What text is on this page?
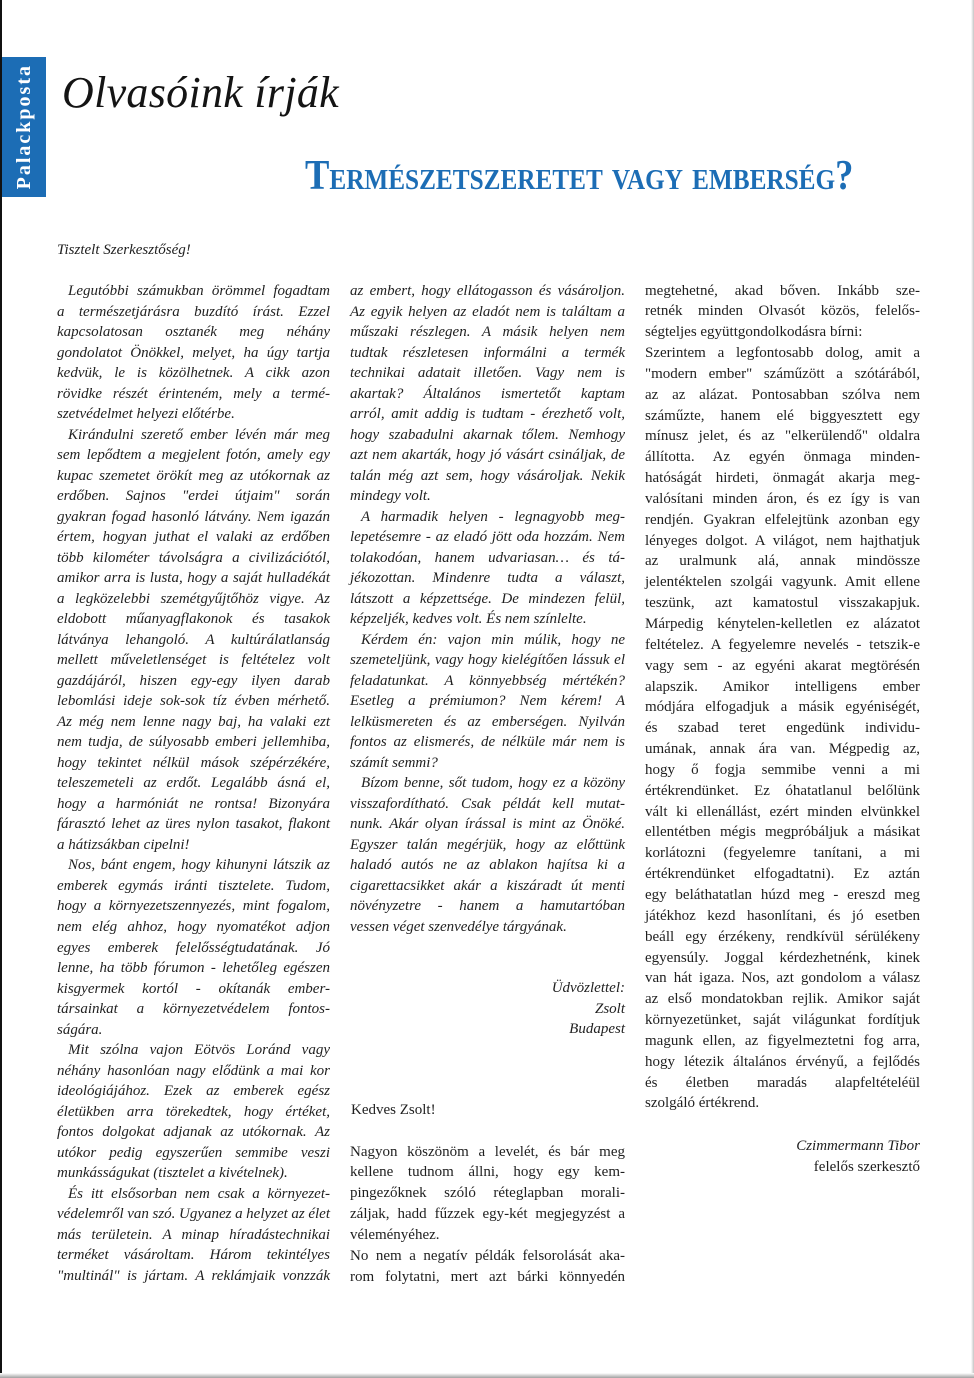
Palackposta Olvasóink írják
Természetszeretet vagy emberség?
Tisztelt Szerkesztőség!
Legutóbbi számukban örömmel fogadtam
a természetjárásra buzdító írást. Ezzel
kapcsolatosan osztanék meg néhány
gondolatot Önökkel, melyet, ha úgy tartja
kedvük, le is közölhetnek. A cikk azon
rövidke részét érinteném, mely a termé-
szetvédelmet helyezi előtérbe.
Kirándulni szerető ember lévén már meg
sem lepődtem a megjelent fotón, amely egy
kupac szemetet örökít meg az utókornak az
erdőben. Sajnos "erdei útjaim" során
gyakran fogad hasonló látvány. Nem igazán
értem, hogyan juthat el valaki az erdőben
több kilométer távolságra a civilizációtól,
amikor arra is lusta, hogy a saját hulladékát
a legközelebbi szemétgyűjtőhöz vigye. Az
eldobott műanyagflakonok és tasakok
látványa lehangoló. A kultúrálatlanság
mellett műveletlenséget is feltételez volt
gazdájáról, hiszen egy-egy ilyen darab
lebomlási ideje sok-sok tíz évben mérhető.
Az még nem lenne nagy baj, ha valaki ezt
nem tudja, de súlyosabb emberi jellemhiba,
hogy tekintet nélkül mások szépérzékére,
teleszemeteli az erdőt. Legalább ásná el,
hogy a harmóniát ne rontsa! Bizonyára
fárasztó lehet az üres nylon tasakot, flakont
a hátizsákban cipelni!
Nos, bánt engem, hogy kihunyni látszik az
emberek egymás iránti tisztelete. Tudom,
hogy a környezetszennyezés, mint fogalom,
nem elég ahhoz, hogy nyomatékot adjon
egyes emberek felelősségtudatának. Jó
lenne, ha több fórumon - lehetőleg egészen
kisgyermek kortól - okítanák ember-
társainkat a környezetvédelem fontos-
ságára.
Mit szólna vajon Eötvös Loránd vagy
néhány hasonlóan nagy elődünk a mai kor
ideológiájához. Ezek az emberek egész
életükben arra törekedtek, hogy értéket,
fontos dolgokat adjanak az utókornak. Az
utókor pedig egyszerűen semmibe veszi
munkásságukat (tisztelet a kivételnek).
És itt elsősorban nem csak a környezet-
védelemről van szó. Ugyanez a helyzet az élet
más területein. A minap híradástechnikai
terméket vásároltam. Három tekintélyes
"multinál" is jártam. A reklámjaik vonzzák
az embert, hogy ellátogasson és vásároljon.
Az egyik helyen az eladót nem is találtam a
műszaki részlegen. A másik helyen nem
tudtak részletesen informálni a termék
technikai adatait illetően. Vagy nem is
akartak? Általános ismertetőt kaptam
arról, amit addig is tudtam - érezhető volt,
hogy szabadulni akarnak tőlem. Nemhogy
azt nem akarták, hogy jó vásárt csináljak, de
talán még azt sem, hogy vásároljak. Nekik
mindegy volt.
A harmadik helyen - legnagyobb meg-
lepetésemre - az eladó jött oda hozzám. Nem
tolakodóan, hanem udvariasan… és tá-
jékozottan. Mindenre tudta a választ,
látszott a képzettsége. De mindezen felül,
képzeljék, kedves volt. És nem színlelte.
Kérdem én: vajon min múlik, hogy ne
szemeteljünk, vagy hogy kielégítően lássuk el
feladatunkat. A könnyebbség mértékén?
Esetleg a prémiumon? Nem kérem! A
lelküsmereten és az emberségen. Nyilván
fontos az elismerés, de nélküle már nem is
számít semmi?
Bízom benne, sőt tudom, hogy ez a közöny
visszafordítható. Csak példát kell mutat-
nunk. Akár olyan írással is mint az Önöké.
Egyszer talán megérjük, hogy az előttünk
haladó autós ne az ablakon hajítsa ki a
cigarettacsikket akár a kiszáradt út menti
növényzetre - hanem a hamutartóban
vessen véget szenvedélye tárgyának.
Üdvözlettel:
Zsolt
Budapest
Kedves Zsolt!
Nagyon köszönöm a levelét, és bár meg
kellene tudnom állni, hogy egy kem-
pingezőknek szóló réteglapban morali-
záljak, hadd fűzzek egy-két megjegyzést a
véleményéhez.
No nem a negatív példák felsorolását aka-
rom folytatni, mert azt bárki könnyedén
megtehetné, akad bőven. Inkább sze-
retnék minden Olvasót közös, felelős-
ségteljes együttgondolkodásra bírni:
Szerintem a legfontosabb dolog, amit a
"modern ember" száműzött a szótárából,
az az alázat. Pontosabban szólva nem
száműzte, hanem elé biggyesztett egy
mínusz jelet, és az "elkerülendő" oldalra
állította. Az egyén önmaga minden-
hatóságát hirdeti, önmagát akarja meg-
valósítani minden áron, és ez így is van
rendjén. Gyakran elfelejtünk azonban egy
lényeges dolgot. A világot, nem hajthatjuk
az uralmunk alá, annak mindössze
jelentéktelen szolgái vagyunk. Amit ellene
teszünk, azt kamatostul visszakapjuk.
Márpedig kénytelen-kelletlen ez alázatot
feltételez. A fegyelemre nevelés - tetszik-e
vagy sem - az egyéni akarat megtörésén
alapszik. Amikor intelligens ember
módjára elfogadjuk a másik egyéniségét,
és szabad teret engedünk individu-
umának, annak ára van. Mégpedig az,
hogy ő fogja semmibe venni a mi
értékrendünket. Ez óhatatlanul belőlünk
vált ki ellenállást, ezért minden elvünkkel
ellentétben mégis megpróbáljuk a másikat
korlátozni (fegyelemre tanítani, a mi
értékrendünket elfogadtatni). Ez aztán
egy beláthatatlan húzd meg - ereszd meg
játékhoz kezd hasonlítani, és jó esetben
beáll egy érzékeny, rendkívül sérülékeny
egyensúly. Joggal kérdezhetnénk, kinek
van hát igaza. Nos, azt gondolom a válasz
az első mondatokban rejlik. Amikor saját
környezetünket, saját világunkat fordítjuk
magunk ellen, az figyelmeztetni fog arra,
hogy létezik általános érvényű, a fejlődés
és életben maradás alapfeltételéül
szolgáló értékrend.
Czimmermann Tibor
felelős szerkesztő
